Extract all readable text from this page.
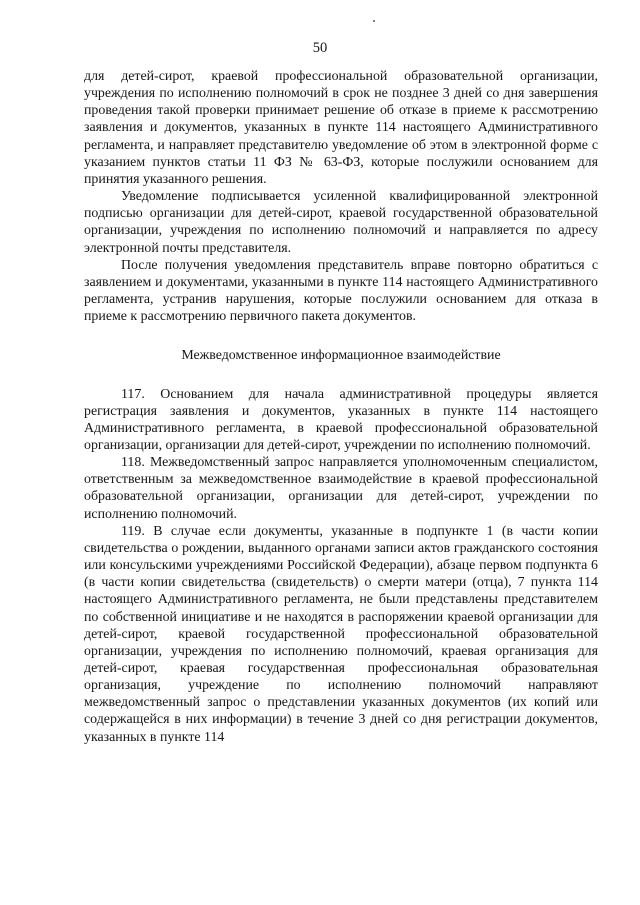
50

для детей-сирот, краевой профессиональной образовательной организации, учреждения по исполнению полномочий в срок не позднее 3 дней со дня завершения проведения такой проверки принимает решение об отказе в приеме к рассмотрению заявления и документов, указанных в пункте 114 настоящего Административного регламента, и направляет представителю уведомление об этом в электронной форме с указанием пунктов статьи 11 ФЗ № 63-ФЗ, которые послужили основанием для принятия указанного решения.

Уведомление подписывается усиленной квалифицированной электронной подписью организации для детей-сирот, краевой государственной образовательной организации, учреждения по исполнению полномочий и направляется по адресу электронной почты представителя.

После получения уведомления представитель вправе повторно обратиться с заявлением и документами, указанными в пункте 114 настоящего Административного регламента, устранив нарушения, которые послужили основанием для отказа в приеме к рассмотрению первичного пакета документов.

Межведомственное информационное взаимодействие

117. Основанием для начала административной процедуры является регистрация заявления и документов, указанных в пункте 114 настоящего Административного регламента, в краевой профессиональной образовательной организации, организации для детей-сирот, учреждении по исполнению полномочий.

118. Межведомственный запрос направляется уполномоченным специалистом, ответственным за межведомственное взаимодействие в краевой профессиональной образовательной организации, организации для детей-сирот, учреждении по исполнению полномочий.

119. В случае если документы, указанные в подпункте 1 (в части копии свидетельства о рождении, выданного органами записи актов гражданского состояния или консульскими учреждениями Российской Федерации), абзаце первом подпункта 6 (в части копии свидетельства (свидетельств) о смерти матери (отца), 7 пункта 114 настоящего Административного регламента, не были представлены представителем по собственной инициативе и не находятся в распоряжении краевой организации для детей-сирот, краевой государственной профессиональной образовательной организации, учреждения по исполнению полномочий, краевая организация для детей-сирот, краевая государственная профессиональная образовательная организация, учреждение по исполнению полномочий направляют межведомственный запрос о представлении указанных документов (их копий или содержащейся в них информации) в течение 3 дней со дня регистрации документов, указанных в пункте 114
